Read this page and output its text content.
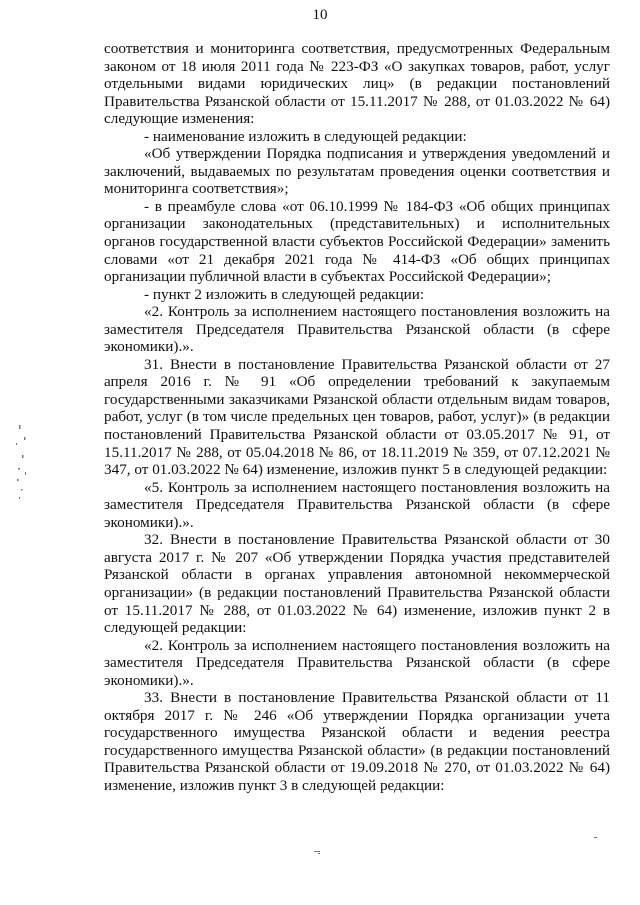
10

соответствия и мониторинга соответствия, предусмотренных Федеральным законом от 18 июля 2011 года № 223-ФЗ «О закупках товаров, работ, услуг отдельными видами юридических лиц» (в редакции постановлений Правительства Рязанской области от 15.11.2017 № 288, от 01.03.2022 № 64) следующие изменения:

- наименование изложить в следующей редакции:

«Об утверждении Порядка подписания и утверждения уведомлений и заключений, выдаваемых по результатам проведения оценки соответствия и мониторинга соответствия»;

- в преамбуле слова «от 06.10.1999 № 184-ФЗ «Об общих принципах организации законодательных (представительных) и исполнительных органов государственной власти субъектов Российской Федерации» заменить словами «от 21 декабря 2021 года № 414-ФЗ «Об общих принципах организации публичной власти в субъектах Российской Федерации»;

- пункт 2 изложить в следующей редакции:

«2. Контроль за исполнением настоящего постановления возложить на заместителя Председателя Правительства Рязанской области (в сфере экономики).».

31. Внести в постановление Правительства Рязанской области от 27 апреля 2016 г. № 91 «Об определении требований к закупаемым государственными заказчиками Рязанской области отдельным видам товаров, работ, услуг (в том числе предельных цен товаров, работ, услуг)» (в редакции постановлений Правительства Рязанской области от 03.05.2017 № 91, от 15.11.2017 № 288, от 05.04.2018 № 86, от 18.11.2019 № 359, от 07.12.2021 № 347, от 01.03.2022 № 64) изменение, изложив пункт 5 в следующей редакции:

«5. Контроль за исполнением настоящего постановления возложить на заместителя Председателя Правительства Рязанской области (в сфере экономики).».

32. Внести в постановление Правительства Рязанской области от 30 августа 2017 г. № 207 «Об утверждении Порядка участия представителей Рязанской области в органах управления автономной некоммерческой организации» (в редакции постановлений Правительства Рязанской области от 15.11.2017 № 288, от 01.03.2022 № 64) изменение, изложив пункт 2 в следующей редакции:

«2. Контроль за исполнением настоящего постановления возложить на заместителя Председателя Правительства Рязанской области (в сфере экономики).».

33. Внести в постановление Правительства Рязанской области от 11 октября 2017 г. № 246 «Об утверждении Порядка организации учета государственного имущества Рязанской области и ведения реестра государственного имущества Рязанской области» (в редакции постановлений Правительства Рязанской области от 19.09.2018 № 270, от 01.03.2022 № 64) изменение, изложив пункт 3 в следующей редакции:
